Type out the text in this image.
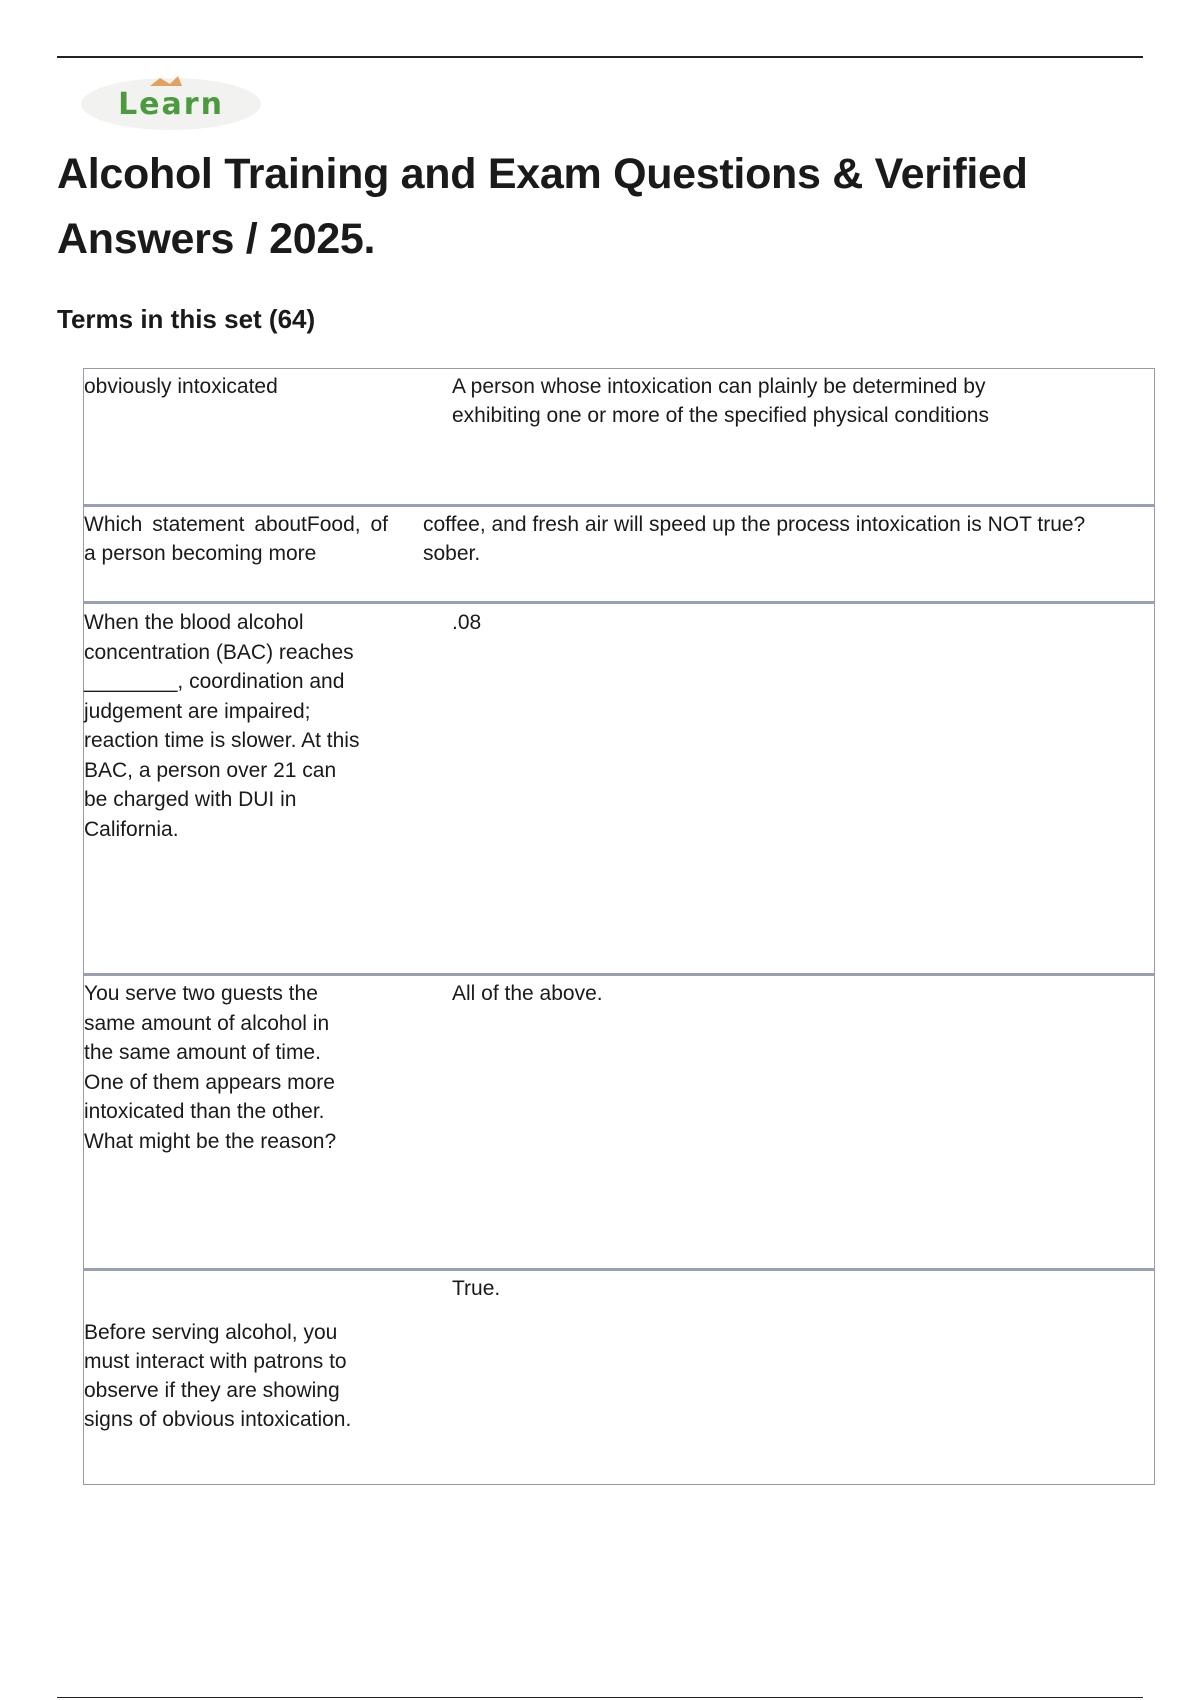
Learn
Alcohol Training and Exam Questions & Verified
Answers / 2025.
Terms in this set (64)
obviously intoxicated	A person whose intoxication can plainly be determined by exhibiting one or more of the specified physical conditions
Which statement aboutFood, of a person becoming more
coffee, and fresh air will speed up the process intoxication is NOT true? sober.
When the blood alcohol concentration (BAC) reaches ________, coordination and judgement are impaired; reaction time is slower. At this BAC, a person over 21 can be charged with DUI in California.
.08
You serve two guests the same amount of alcohol in the same amount of time. One of them appears more intoxicated than the other. What might be the reason?
All of the above.
Before serving alcohol, you must interact with patrons to observe if they are showing signs of obvious intoxication.
True.
